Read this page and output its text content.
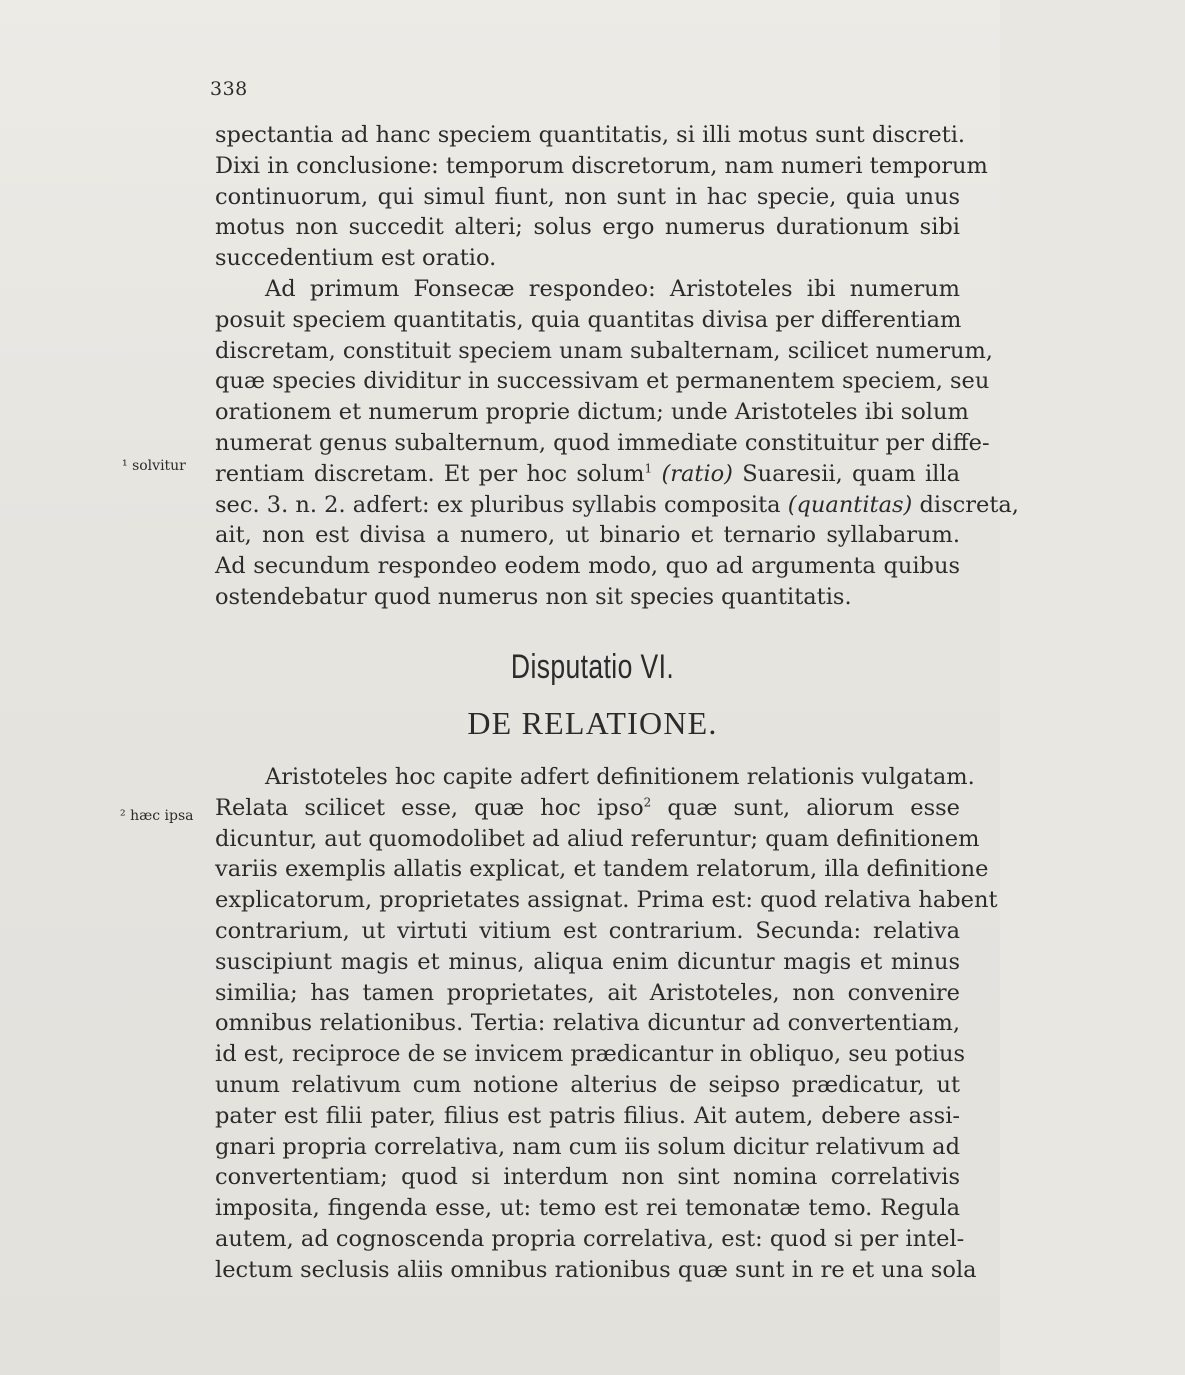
338
spectantia ad hanc speciem quantitatis, si illi motus sunt discreti.
Dixi in conclusione: temporum discretorum, nam numeri temporum
continuorum, qui simul fiunt, non sunt in hac specie, quia unus
motus non succedit alteri; solus ergo numerus durationum sibi
succedentium est oratio.
Ad primum Fonsecæ respondeo: Aristoteles ibi numerum
posuit speciem quantitatis, quia quantitas divisa per differentiam
discretam, constituit speciem unam subalternam, scilicet numerum,
quæ species dividitur in successivam et permanentem speciem, seu
orationem et numerum proprie dictum; unde Aristoteles ibi solum
numerat genus subalternum, quod immediate constituitur per diffe-
rentiam discretam. Et per hoc solum$^1$ (ratio) Suaresii, quam illa
sec. 3. n. 2. adfert: ex pluribus syllabis composita (quantitas) discreta,
ait, non est divisa a numero, ut binario et ternario syllabarum.
Ad secundum respondeo eodem modo, quo ad argumenta quibus
ostendebatur quod numerus non sit species quantitatis.
¹ solvitur
Disputatio VI.
DE RELATIONE.
Aristoteles hoc capite adfert definitionem relationis vulgatam.
Relata scilicet esse, quæ hoc ipso$^2$ quæ sunt, aliorum esse
dicuntur, aut quomodolibet ad aliud referuntur; quam definitionem
variis exemplis allatis explicat, et tandem relatorum, illa definitione
explicatorum, proprietates assignat. Prima est: quod relativa habent
contrarium, ut virtuti vitium est contrarium. Secunda: relativa
suscipiunt magis et minus, aliqua enim dicuntur magis et minus
similia; has tamen proprietates, ait Aristoteles, non convenire
omnibus relationibus. Tertia: relativa dicuntur ad convertentiam,
id est, reciproce de se invicem prædicantur in obliquo, seu potius
unum relativum cum notione alterius de seipso prædicatur, ut
pater est filii pater, filius est patris filius. Ait autem, debere assi-
gnari propria correlativa, nam cum iis solum dicitur relativum ad
convertentiam; quod si interdum non sint nomina correlativis
imposita, fingenda esse, ut: temo est rei temonatæ temo. Regula
autem, ad cognoscenda propria correlativa, est: quod si per intel-
lectum seclusis aliis omnibus rationibus quæ sunt in re et una sola
² hæc ipsa
